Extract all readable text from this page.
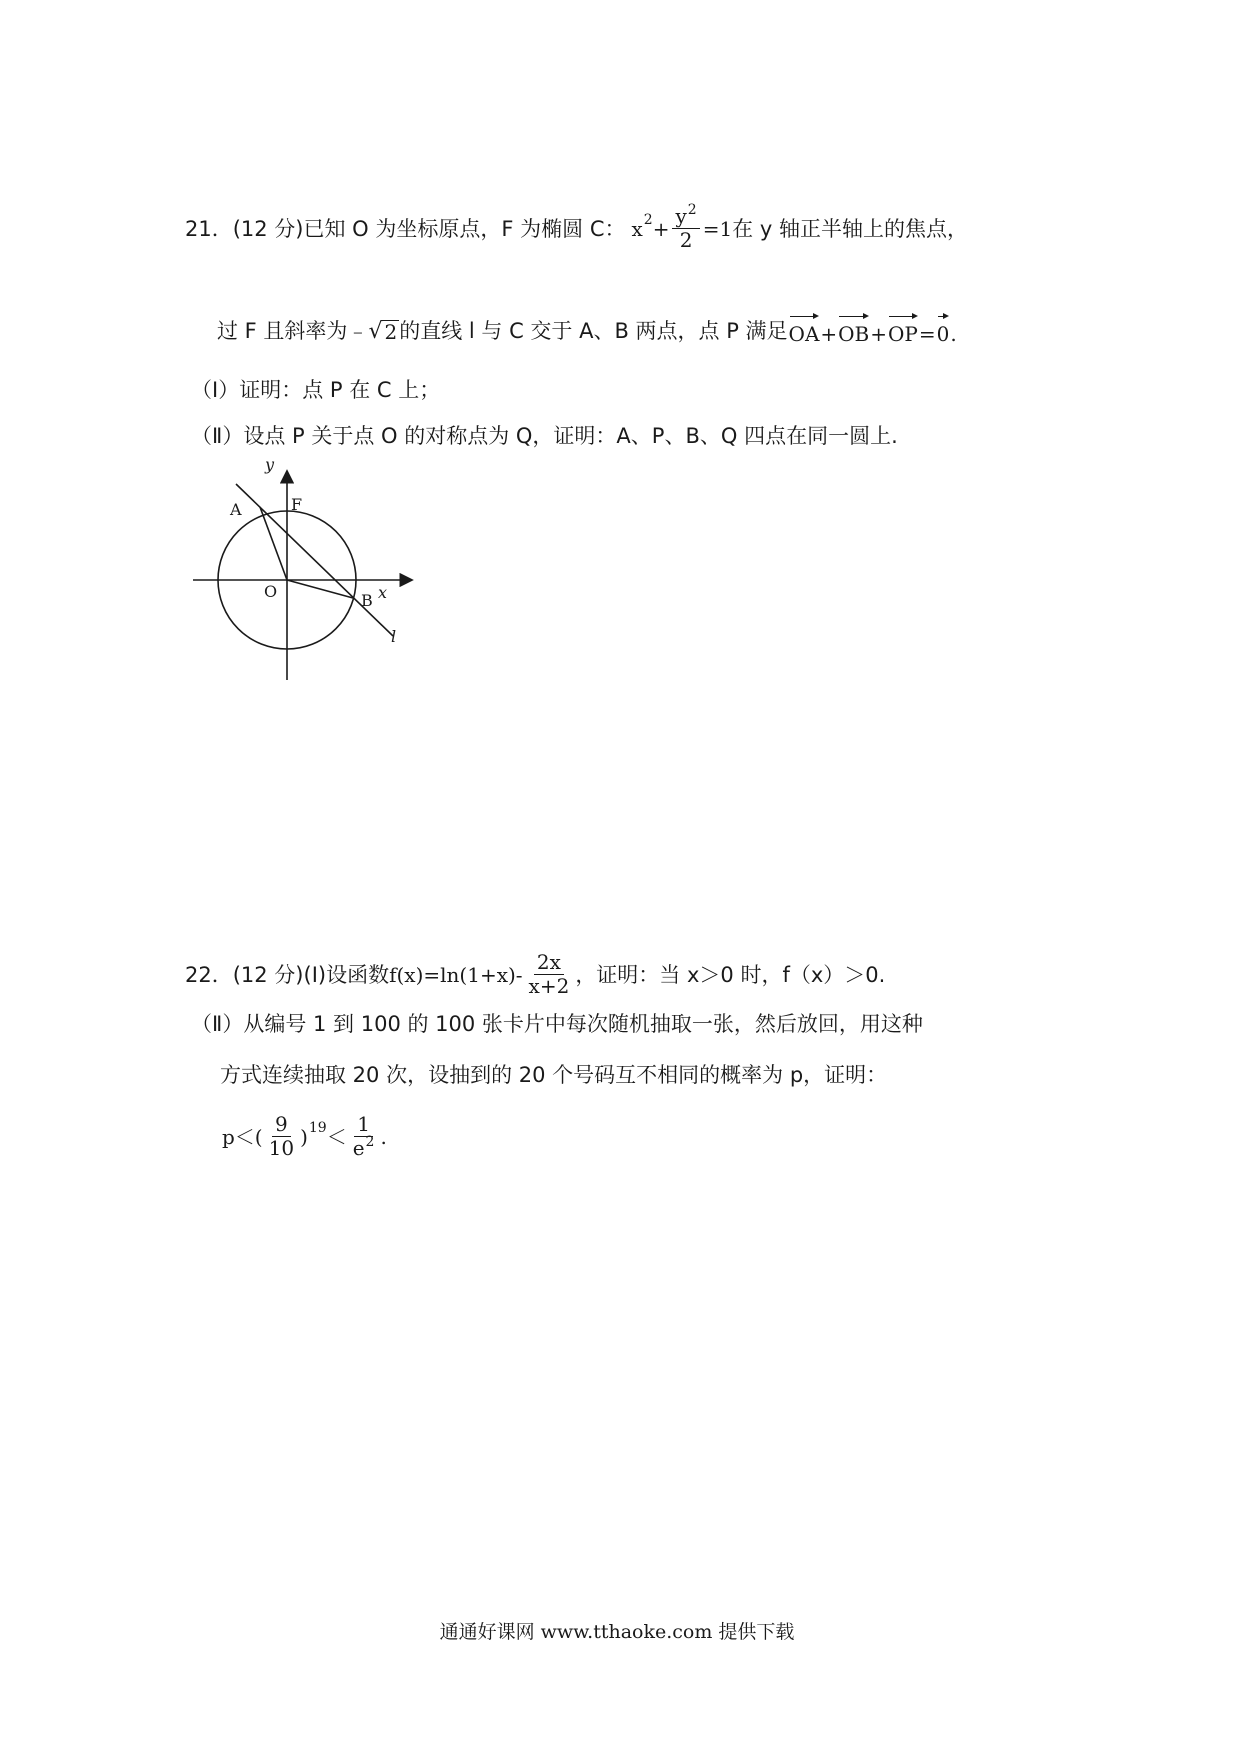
21．(12 分)已知 O 为坐标原点，F 为椭圆 C： x $2 + \frac{y^2}{2} =1$ 在 y 轴正半轴上的焦点，
过 F 且斜率为﹣ √ 2 的直线 l 与 C 交于 A、B 两点，点 P 满足 OA + OB + OP = 0 .
（Ⅰ）证明：点 P 在 C 上；
（Ⅱ）设点 P 关于点 O 的对称点为 Q，证明：A、P、B、Q 四点在同一圆上.
y
x
A	F
O	B
l
22．(12 分)(Ⅰ)设函数 $f(x)=\ln(1+x)- \frac{2x}{x+2}$ ，证明：当 x＞0 时，f（x）＞0.
（Ⅱ）从编号 1 到 100 的 100 张卡片中每次随机抽取一张，然后放回，用这种
方式连续抽取 20 次，设抽到的 20 个号码互不相同的概率为 p，证明：
$p<( \frac{9}{10}$ ) $19 < \frac{1}{e^2}$ .
通通好课网 www.tthaoke.com 提供下载
